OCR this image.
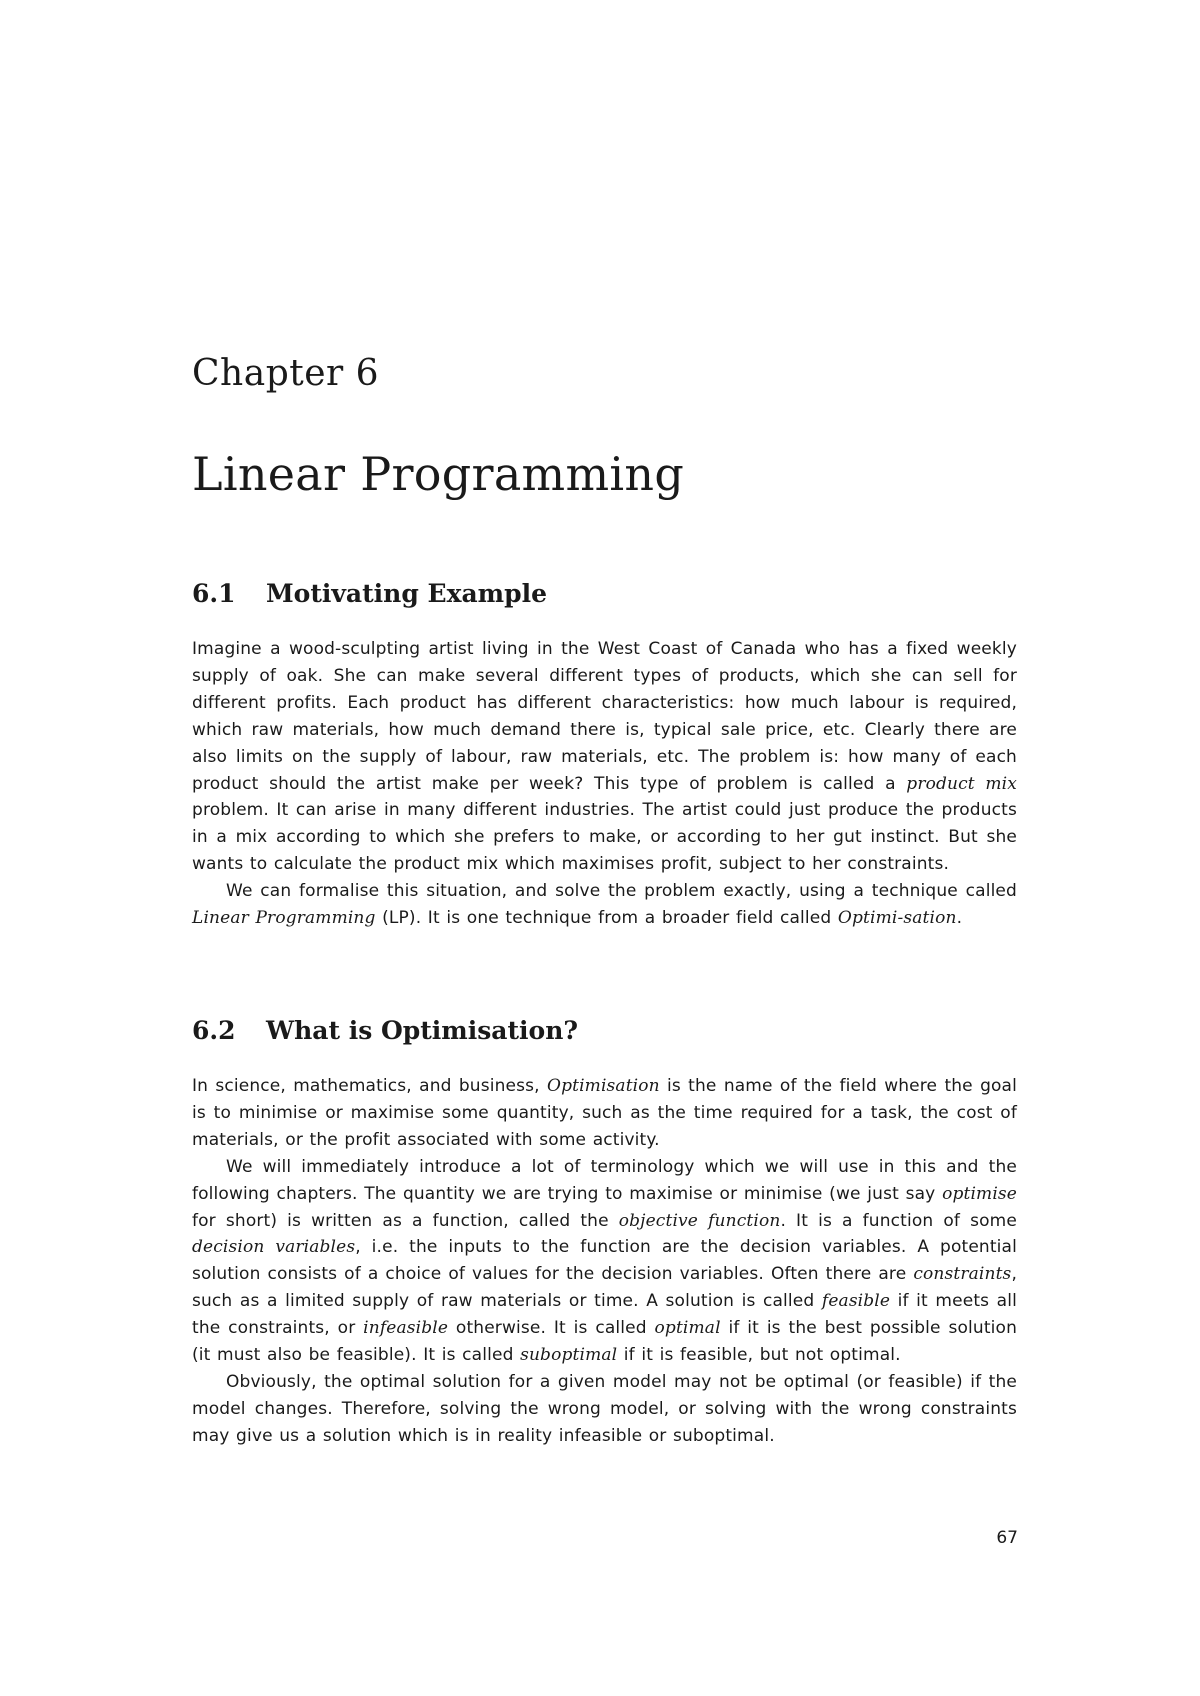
Chapter 6
Linear Programming
6.1	Motivating Example

Imagine a wood-sculpting artist living in the West Coast of Canada who has a fixed weekly supply of oak. She can make several different types of products, which she can sell for different profits. Each product has different characteristics: how much labour is required, which raw materials, how much demand there is, typical sale price, etc. Clearly there are also limits on the supply of labour, raw materials, etc. The problem is: how many of each product should the artist make per week? This type of problem is called a product mix problem. It can arise in many different industries. The artist could just produce the products in a mix according to which she prefers to make, or according to her gut instinct. But she wants to calculate the product mix which maximises profit, subject to her constraints.

We can formalise this situation, and solve the problem exactly, using a technique called Linear Programming (LP). It is one technique from a broader field called Optimi-sation.

6.2	What is Optimisation?

In science, mathematics, and business, Optimisation is the name of the field where the goal is to minimise or maximise some quantity, such as the time required for a task, the cost of materials, or the profit associated with some activity.

We will immediately introduce a lot of terminology which we will use in this and the following chapters. The quantity we are trying to maximise or minimise (we just say optimise for short) is written as a function, called the objective function. It is a function of some decision variables, i.e. the inputs to the function are the decision variables. A potential solution consists of a choice of values for the decision variables. Often there are constraints, such as a limited supply of raw materials or time. A solution is called feasible if it meets all the constraints, or infeasible otherwise. It is called optimal if it is the best possible solution (it must also be feasible). It is called suboptimal if it is feasible, but not optimal.

Obviously, the optimal solution for a given model may not be optimal (or feasible) if the model changes. Therefore, solving the wrong model, or solving with the wrong constraints may give us a solution which is in reality infeasible or suboptimal.

67
